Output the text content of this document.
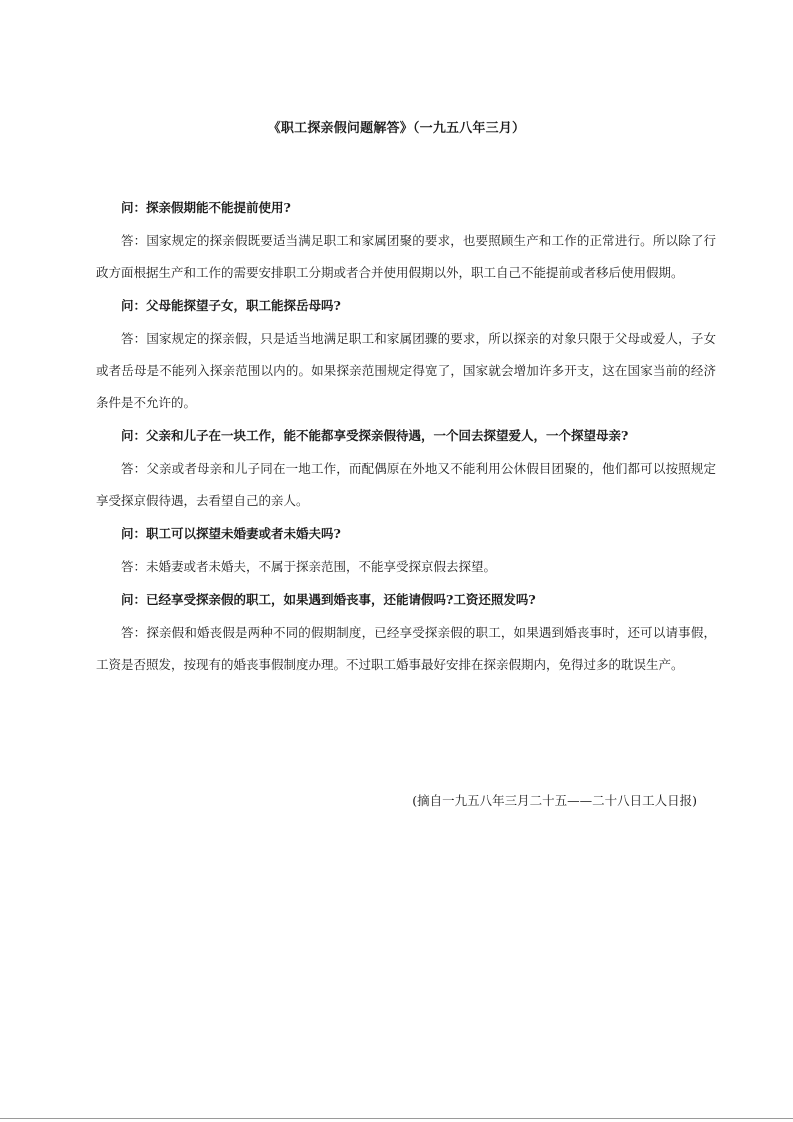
《职工探亲假问题解答》（一九五八年三月）

问：探亲假期能不能提前使用?

答：国家规定的探亲假既要适当满足职工和家属团聚的要求，也要照顾生产和工作的正常进行。所以除了行政方面根据生产和工作的需要安排职工分期或者合并使用假期以外，职工自己不能提前或者移后使用假期。

问：父母能探望子女，职工能探岳母吗?

答：国家规定的探亲假，只是适当地满足职工和家属团骤的要求，所以探亲的对象只限于父母或爱人，子女或者岳母是不能列入探亲范围以内的。如果探亲范围规定得宽了，国家就会增加许多开支，这在国家当前的经济条件是不允许的。

问：父亲和儿子在一块工作，能不能都享受探亲假待遇，一个回去探望爱人，一个探望母亲?

答：父亲或者母亲和儿子同在一地工作，而配偶原在外地又不能利用公休假目团聚的，他们都可以按照规定享受探京假待遇，去看望自己的亲人。

问：职工可以探望未婚妻或者未婚夫吗?

答：未婚妻或者未婚夫，不属于探亲范围，不能享受探京假去探望。

问：已经享受探亲假的职工，如果遇到婚丧事，还能请假吗?工资还照发吗?

答：探亲假和婚丧假是两种不同的假期制度，已经享受探亲假的职工，如果遇到婚丧事时，还可以请事假，工资是否照发，按现有的婚丧事假制度办理。不过职工婚事最好安排在探亲假期内，免得过多的耽误生产。

(摘自一九五八年三月二十五——二十八日工人日报)
